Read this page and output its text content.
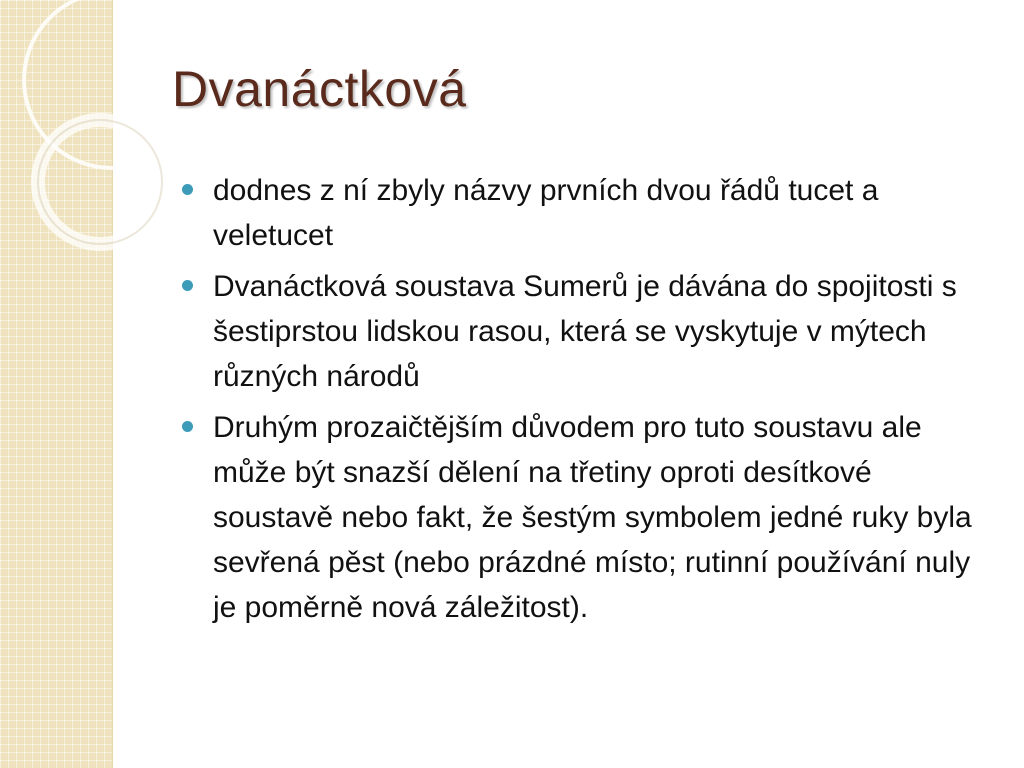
Dvanáctková
dodnes z ní zbyly názvy prvních dvou řádů tucet a veletucet
Dvanáctková soustava Sumerů je dávána do spojitosti s šestiprstou lidskou rasou, která se vyskytuje v mýtech různých národů
Druhým prozaičtějším důvodem pro tuto soustavu ale může být snazší dělení na třetiny oproti desítkové soustavě nebo fakt, že šestým symbolem jedné ruky byla sevřená pěst (nebo prázdné místo; rutinní používání nuly je poměrně nová záležitost).
